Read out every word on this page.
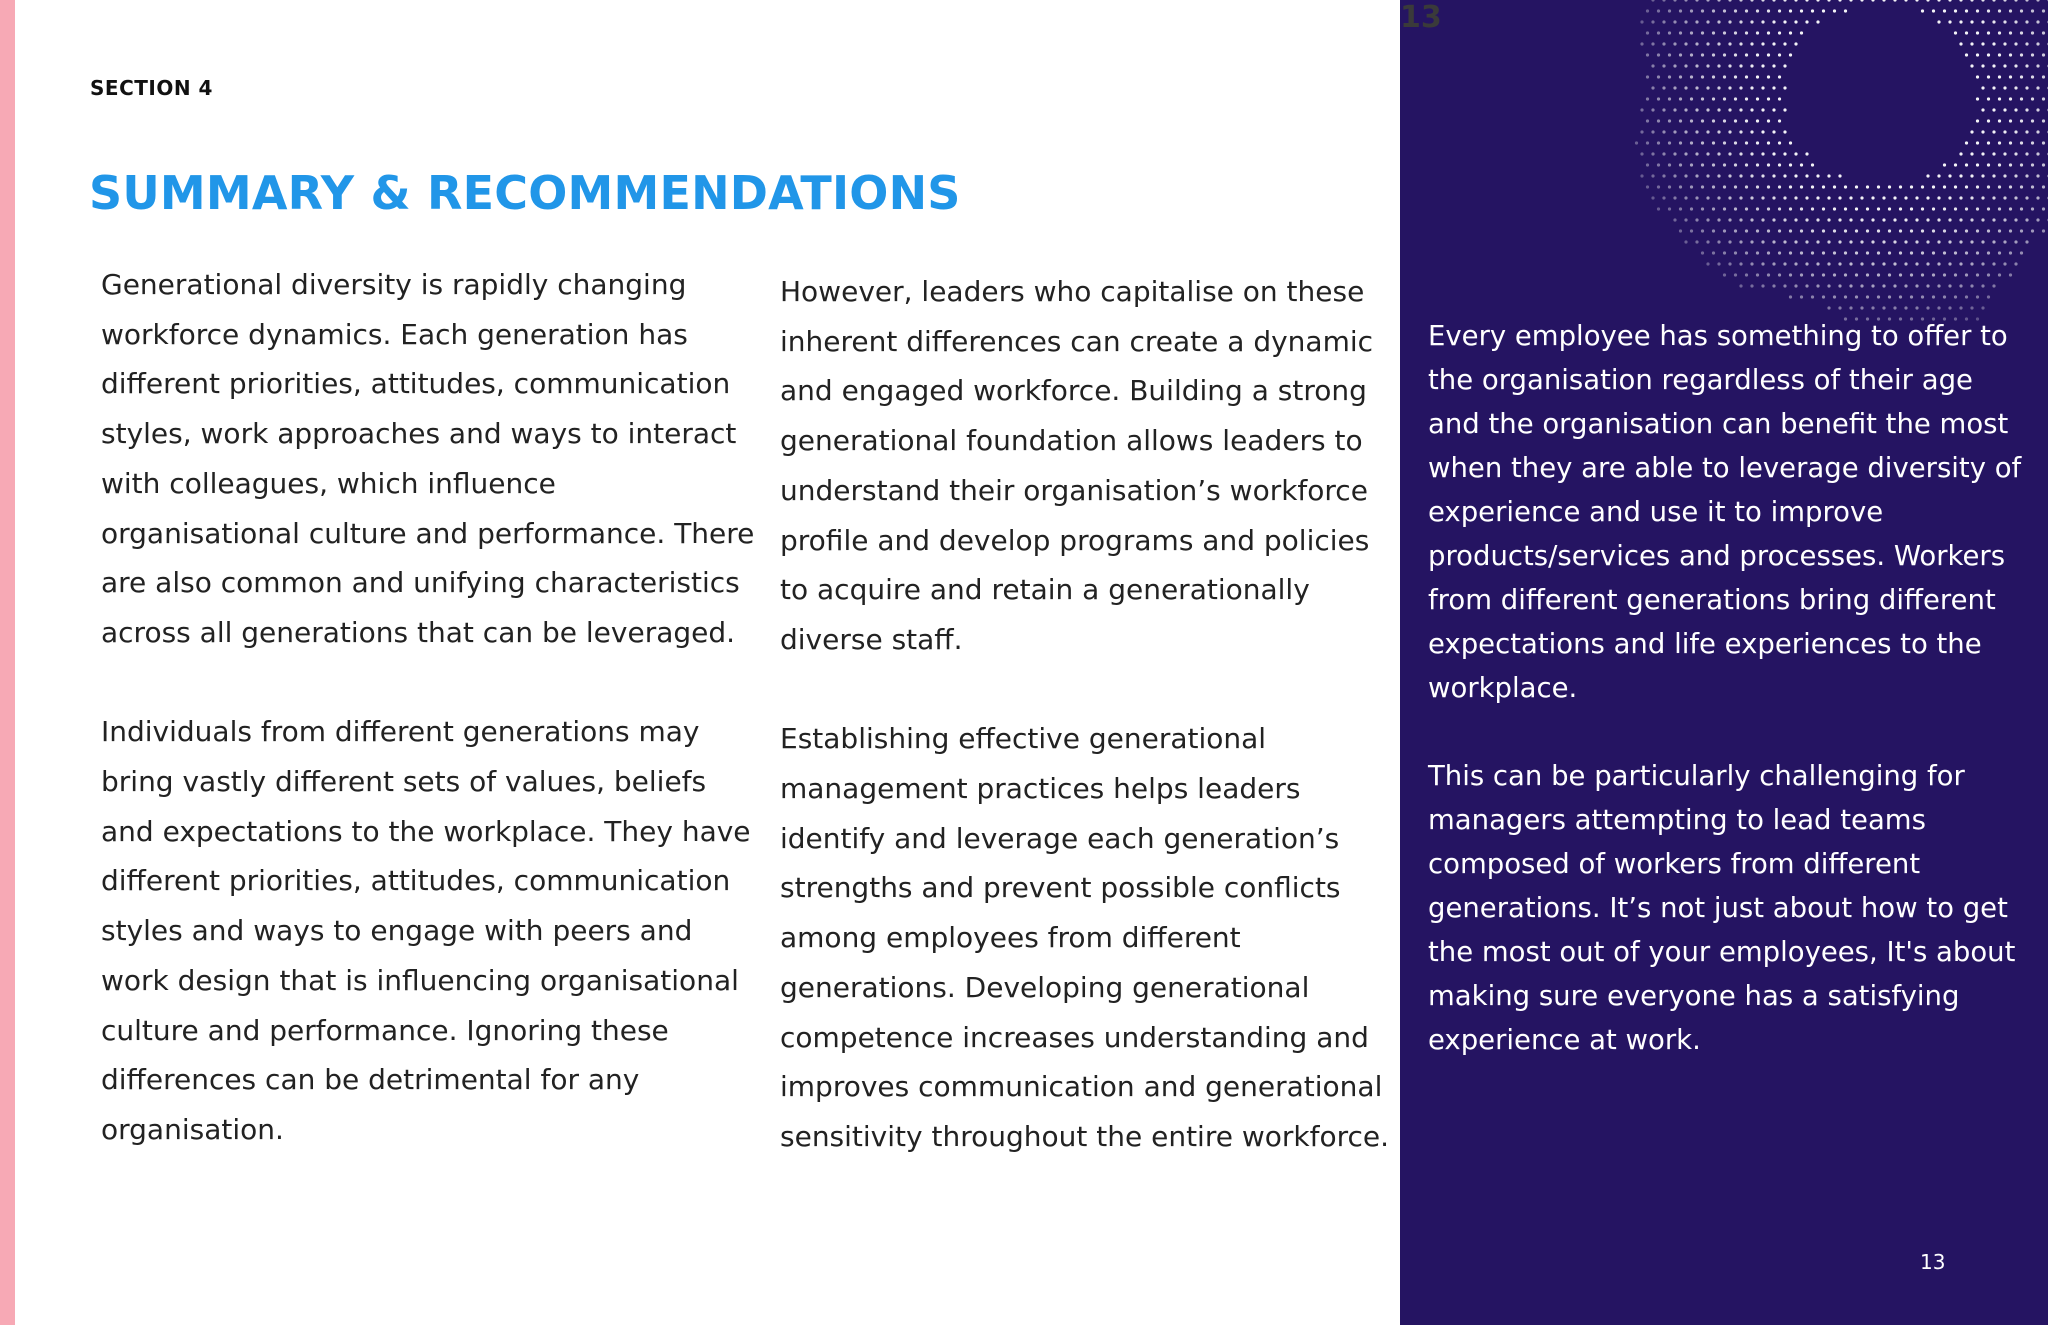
SECTION 4
SUMMARY & RECOMMENDATIONS

Generational diversity is rapidly changing workforce dynamics. Each generation has different priorities, attitudes, communication styles, work approaches and ways to interact with colleagues, which influence organisational culture and performance. There are also common and unifying characteristics across all generations that can be leveraged.

Individuals from different generations may bring vastly different sets of values, beliefs and expectations to the workplace. They have different priorities, attitudes, communication styles and ways to engage with peers and work design that is influencing organisational culture and performance. Ignoring these differences can be detrimental for any organisation.

However, leaders who capitalise on these inherent differences can create a dynamic and engaged workforce. Building a strong generational foundation allows leaders to understand their organisation’s workforce profile and develop programs and policies to acquire and retain a generationally diverse staff.

Establishing effective generational management practices helps leaders identify and leverage each generation’s strengths and prevent possible conflicts among employees from different generations. Developing generational competence increases understanding and improves communication and generational sensitivity throughout the entire workforce.

Every employee has something to offer to the organisation regardless of their age and the organisation can benefit the most when they are able to leverage diversity of experience and use it to improve products/services and processes. Workers from different generations bring different expectations and life experiences to the workplace.

This can be particularly challenging for managers attempting to lead teams composed of workers from different generations. It’s not just about how to get the most out of your employees, It's about making sure everyone has a satisfying experience at work.

13
13
